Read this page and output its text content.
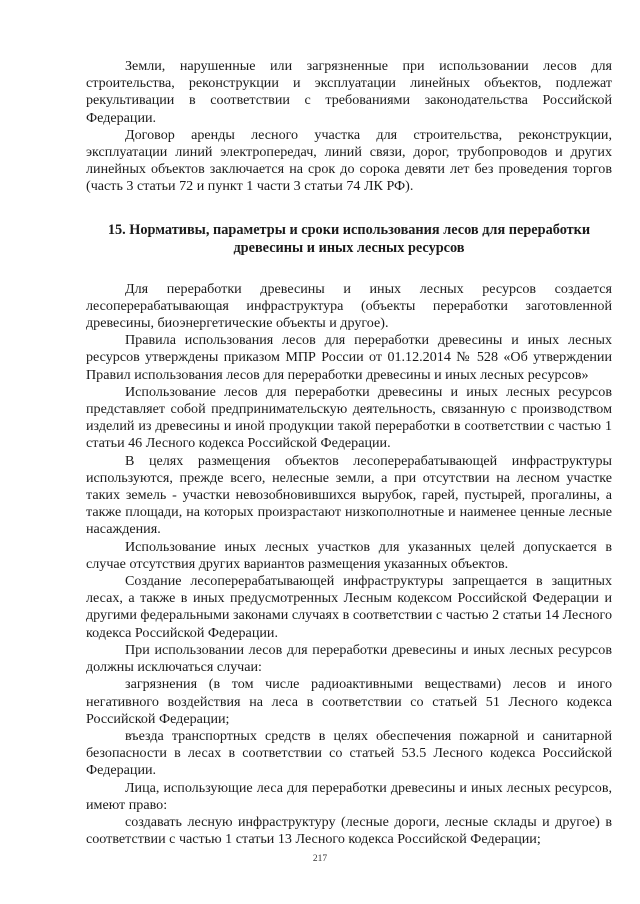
Земли, нарушенные или загрязненные при использовании лесов для строительства, реконструкции и эксплуатации линейных объектов, подлежат рекультивации в соответствии с требованиями законодательства Российской Федерации.

Договор аренды лесного участка для строительства, реконструкции, эксплуатации линий электропередач, линий связи, дорог, трубопроводов и других линейных объектов заключается на срок до сорока девяти лет без проведения торгов (часть 3 статьи 72 и пункт 1 части 3 статьи 74 ЛК РФ).

15. Нормативы, параметры и сроки использования лесов для переработки древесины и иных лесных ресурсов

Для переработки древесины и иных лесных ресурсов создается лесоперерабатывающая инфраструктура (объекты переработки заготовленной древесины, биоэнергетические объекты и другое).

Правила использования лесов для переработки древесины и иных лесных ресурсов утверждены приказом МПР России от 01.12.2014 № 528 «Об утверждении Правил использования лесов для переработки древесины и иных лесных ресурсов»

Использование лесов для переработки древесины и иных лесных ресурсов представляет собой предпринимательскую деятельность, связанную с производством изделий из древесины и иной продукции такой переработки в соответствии с частью 1 статьи 46 Лесного кодекса Российской Федерации.

В целях размещения объектов лесоперерабатывающей инфраструктуры используются, прежде всего, нелесные земли, а при отсутствии на лесном участке таких земель - участки невозобновившихся вырубок, гарей, пустырей, прогалины, а также площади, на которых произрастают низкополнотные и наименее ценные лесные насаждения.

Использование иных лесных участков для указанных целей допускается в случае отсутствия других вариантов размещения указанных объектов.

Создание лесоперерабатывающей инфраструктуры запрещается в защитных лесах, а также в иных предусмотренных Лесным кодексом Российской Федерации и другими федеральными законами случаях в соответствии с частью 2 статьи 14 Лесного кодекса Российской Федерации.

При использовании лесов для переработки древесины и иных лесных ресурсов должны исключаться случаи:

загрязнения (в том числе радиоактивными веществами) лесов и иного негативного воздействия на леса в соответствии со статьей 51 Лесного кодекса Российской Федерации;

въезда транспортных средств в целях обеспечения пожарной и санитарной безопасности в лесах в соответствии со статьей 53.5 Лесного кодекса Российской Федерации.

Лица, использующие леса для переработки древесины и иных лесных ресурсов, имеют право:

создавать лесную инфраструктуру (лесные дороги, лесные склады и другое) в соответствии с частью 1 статьи 13 Лесного кодекса Российской Федерации;

217
